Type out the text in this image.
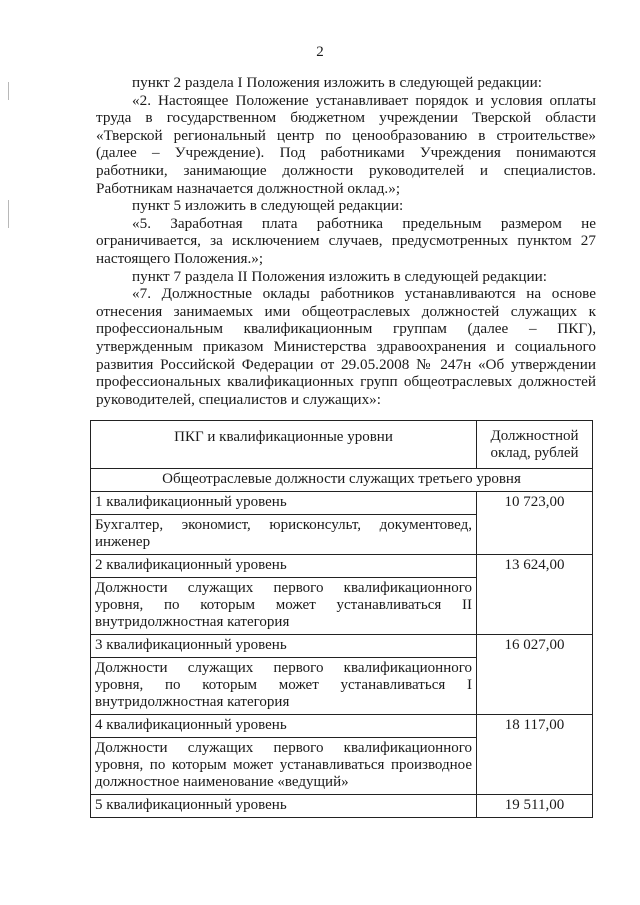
2

пункт 2 раздела I Положения изложить в следующей редакции:

«2. Настоящее Положение устанавливает порядок и условия оплаты труда в государственном бюджетном учреждении Тверской области «Тверской региональный центр по ценообразованию в строительстве» (далее – Учреждение). Под работниками Учреждения понимаются работники, занимающие должности руководителей и специалистов. Работникам назначается должностной оклад.»;

пункт 5 изложить в следующей редакции:

«5. Заработная плата работника предельным размером не ограничивается, за исключением случаев, предусмотренных пунктом 27 настоящего Положения.»;

пункт 7 раздела II Положения изложить в следующей редакции:

«7. Должностные оклады работников устанавливаются на основе отнесения занимаемых ими общеотраслевых должностей служащих к профессиональным квалификационным группам (далее – ПКГ), утвержденным приказом Министерства здравоохранения и социального развития Российской Федерации от 29.05.2008 № 247н «Об утверждении профессиональных квалификационных групп общеотраслевых должностей руководителей, специалистов и служащих»:

ПКГ и квалификационные уровни	Должностной оклад, рублей
Общеотраслевые должности служащих третьего уровня	
1 квалификационный уровень	10 723,00
Бухгалтер, экономист, юрисконсульт, документовед, инженер	
2 квалификационный уровень	13 624,00
Должности служащих первого квалификационного уровня, по которым может устанавливаться II внутридолжностная категория	
3 квалификационный уровень	16 027,00
Должности служащих первого квалификационного уровня, по которым может устанавливаться I внутридолжностная категория	
4 квалификационный уровень	18 117,00
Должности служащих первого квалификационного уровня, по которым может устанавливаться производное должностное наименование «ведущий»	
5 квалификационный уровень	19 511,00
